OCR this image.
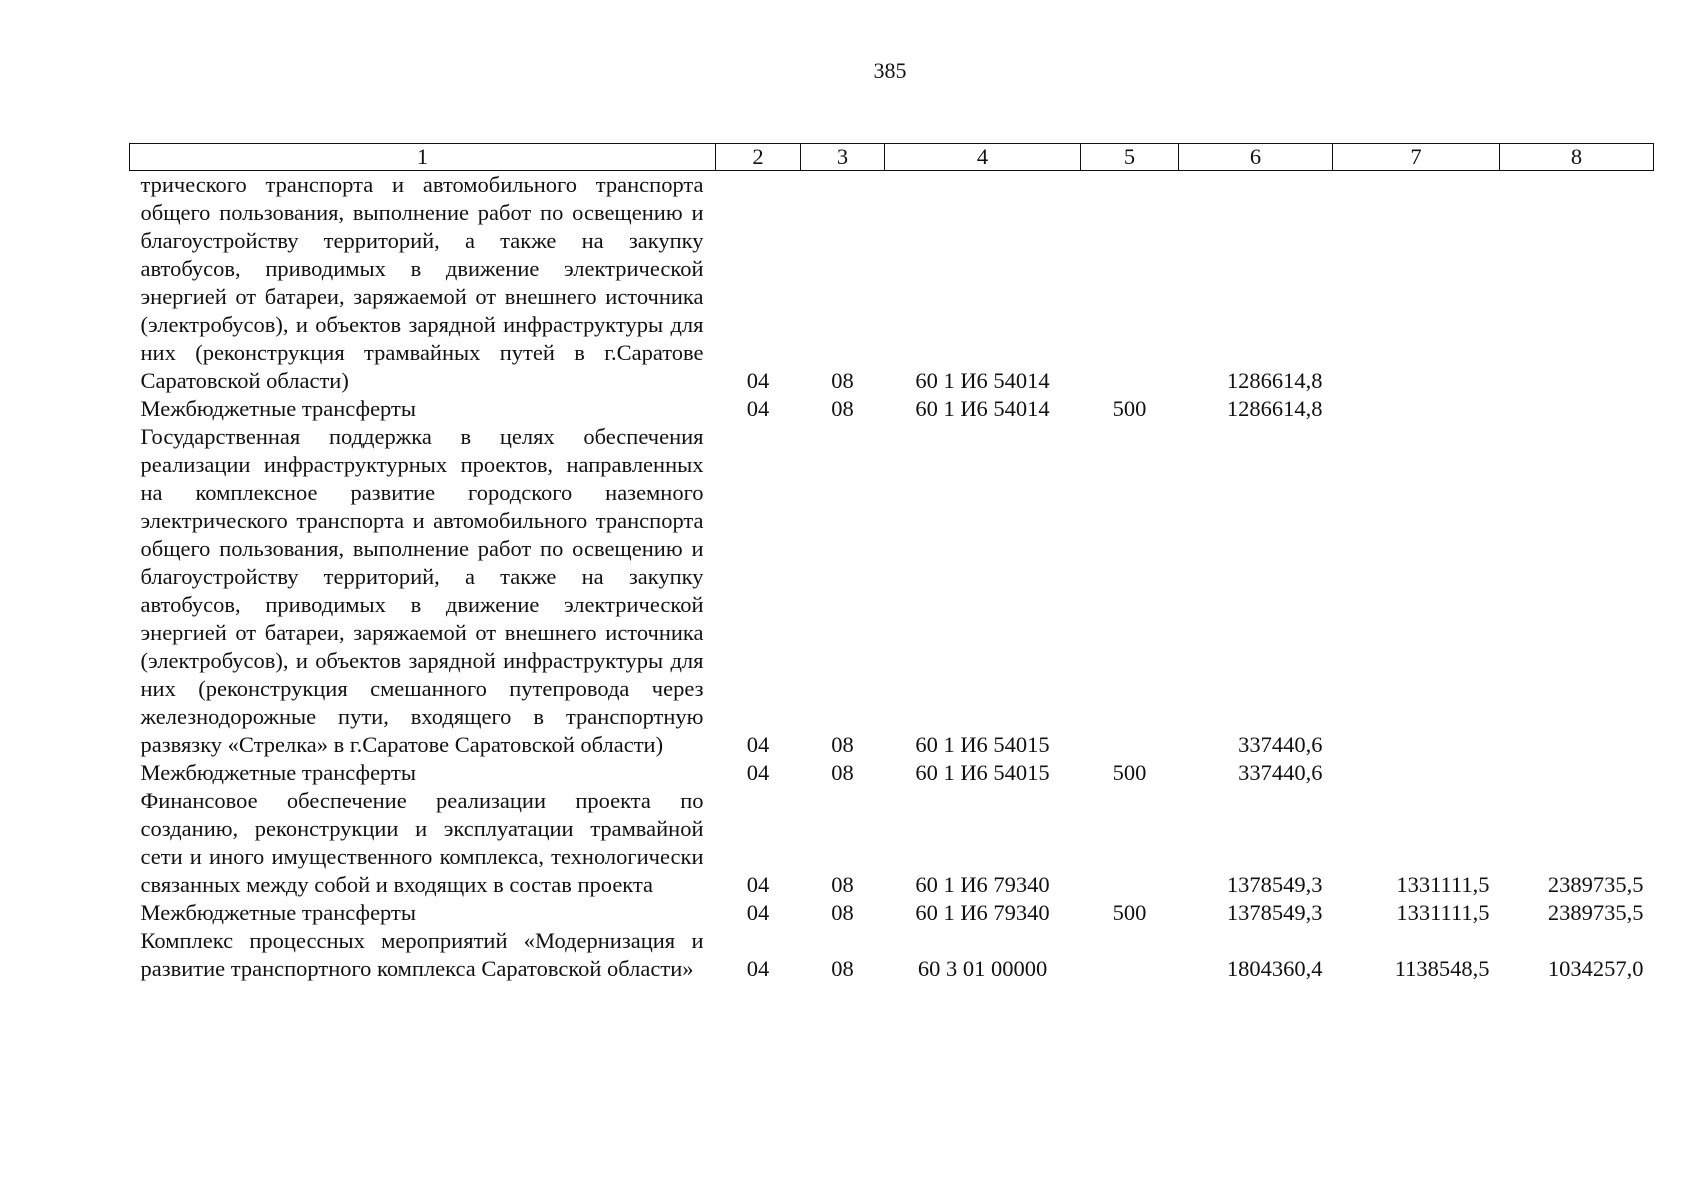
385
1	2	3	4	5	6	7	8
трического транспорта и автомобильного транспорта общего пользования, выполнение работ по освещению и благоустройству территорий, а также на закупку автобусов, приводимых в движение электрической энергией от батареи, заряжаемой от внешнего источника (электробусов), и объектов зарядной инфраструктуры для них (реконструкция трамвайных путей в г.Саратове Саратовской области)	04	08	60 1 И6 54014		1286614,8		
Межбюджетные трансферты	04	08	60 1 И6 54014	500	1286614,8		
Государственная поддержка в целях обеспечения реализации инфраструктурных проектов, направленных на комплексное развитие городского наземного электрического транспорта и автомобильного транспорта общего пользования, выполнение работ по освещению и благоустройству территорий, а также на закупку автобусов, приводимых в движение электрической энергией от батареи, заряжаемой от внешнего источника (электробусов), и объектов зарядной инфраструктуры для них (реконструкция смешанного путепровода через железнодорожные пути, входящего в транспортную развязку «Стрелка» в г.Саратове Саратовской области)	04	08	60 1 И6 54015		337440,6		
Межбюджетные трансферты	04	08	60 1 И6 54015	500	337440,6		
Финансовое обеспечение реализации проекта по созданию, реконструкции и эксплуатации трамвайной сети и иного имущественного комплекса, технологически связанных между собой и входящих в состав проекта	04	08	60 1 И6 79340		1378549,3	1331111,5	2389735,5
Межбюджетные трансферты	04	08	60 1 И6 79340	500	1378549,3	1331111,5	2389735,5
Комплекс процессных мероприятий «Модернизация и развитие транспортного комплекса Саратовской области»	04	08	60 3 01 00000		1804360,4	1138548,5	1034257,0
